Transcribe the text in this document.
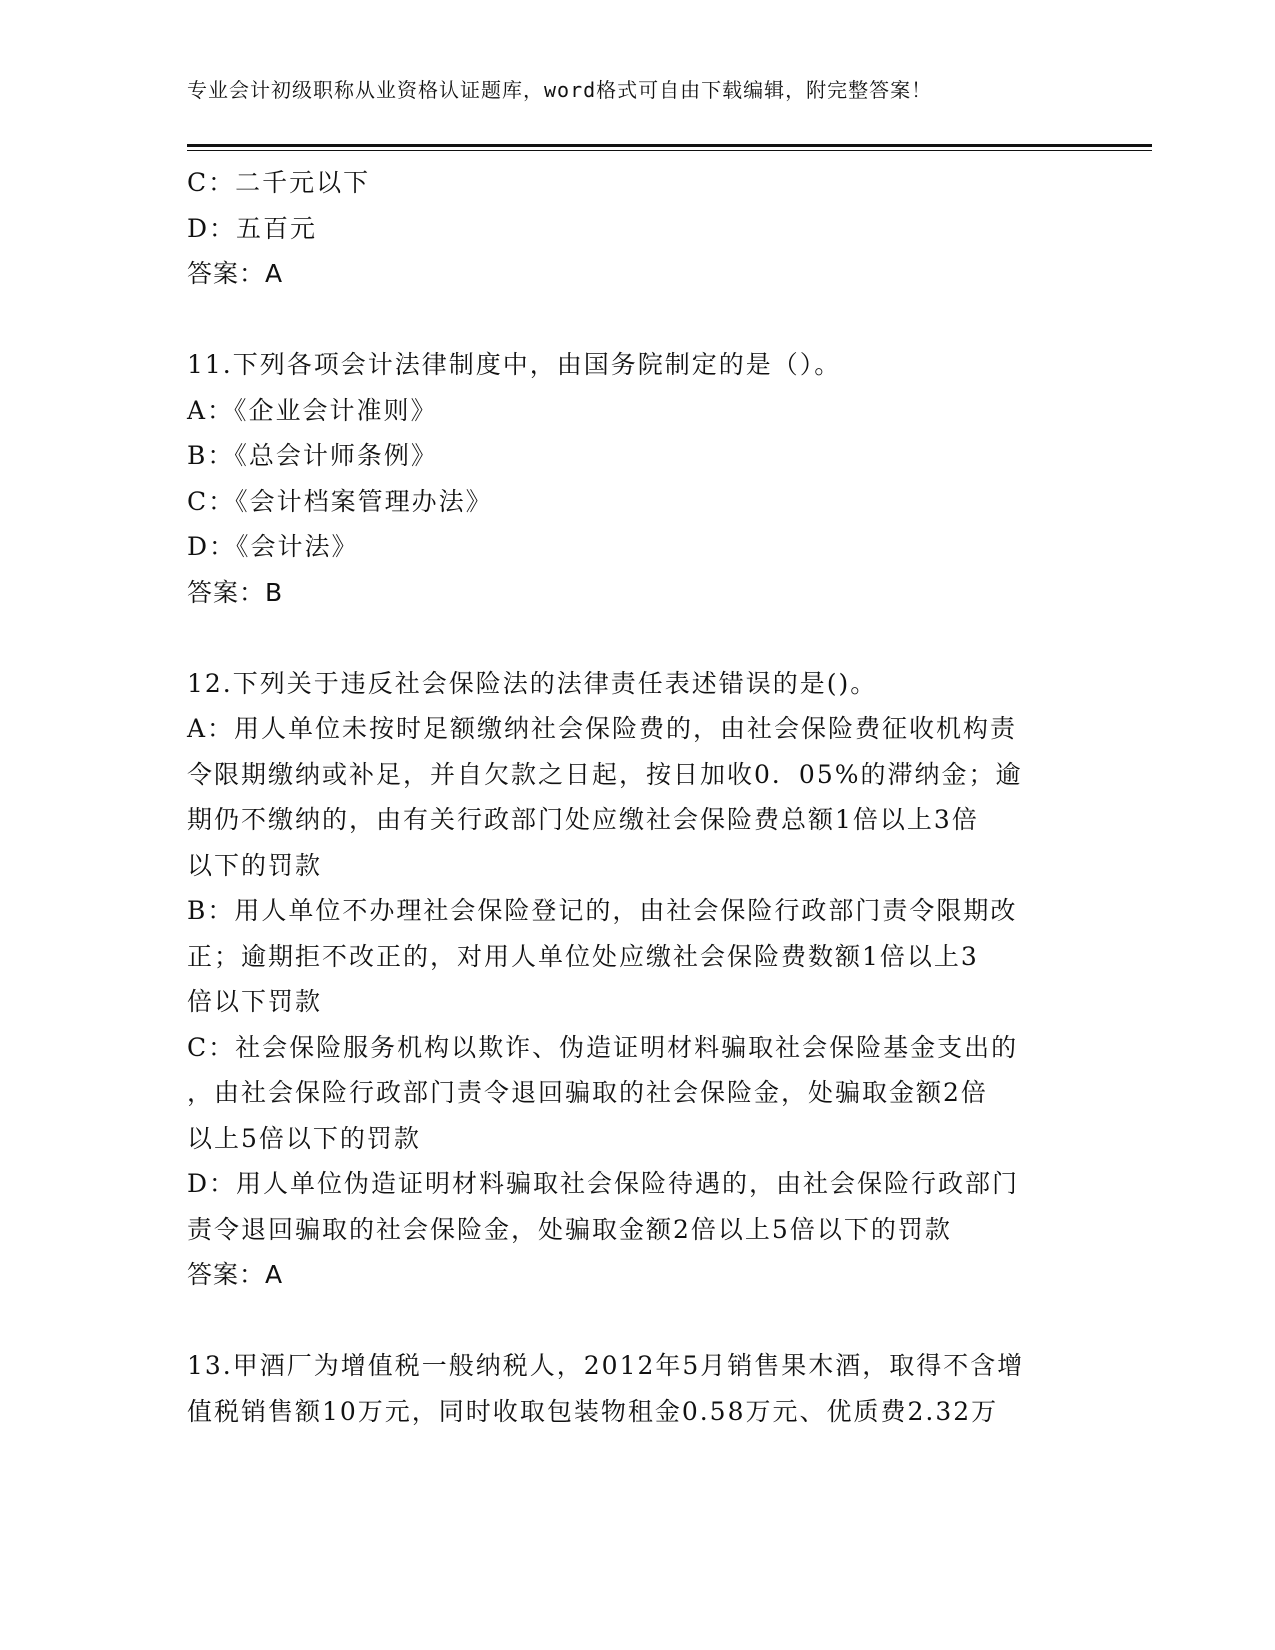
专业会计初级职称从业资格认证题库，word格式可自由下载编辑，附完整答案！
C：二千元以下
D：五百元
答案：A
11.下列各项会计法律制度中，由国务院制定的是（）。
A：《企业会计准则》
B：《总会计师条例》
C：《会计档案管理办法》
D：《会计法》
答案：B
12.下列关于违反社会保险法的法律责任表述错误的是()。
A：用人单位未按时足额缴纳社会保险费的，由社会保险费征收机构责
令限期缴纳或补足，并自欠款之日起，按日加收0．05%的滞纳金；逾
期仍不缴纳的，由有关行政部门处应缴社会保险费总额1倍以上3倍
以下的罚款
B：用人单位不办理社会保险登记的，由社会保险行政部门责令限期改
正；逾期拒不改正的，对用人单位处应缴社会保险费数额1倍以上3
倍以下罚款
C：社会保险服务机构以欺诈、伪造证明材料骗取社会保险基金支出的
，由社会保险行政部门责令退回骗取的社会保险金，处骗取金额2倍
以上5倍以下的罚款
D：用人单位伪造证明材料骗取社会保险待遇的，由社会保险行政部门
责令退回骗取的社会保险金，处骗取金额2倍以上5倍以下的罚款
答案：A
13.甲酒厂为增值税一般纳税人，2012年5月销售果木酒，取得不含增
值税销售额10万元，同时收取包装物租金0.58万元、优质费2.32万
